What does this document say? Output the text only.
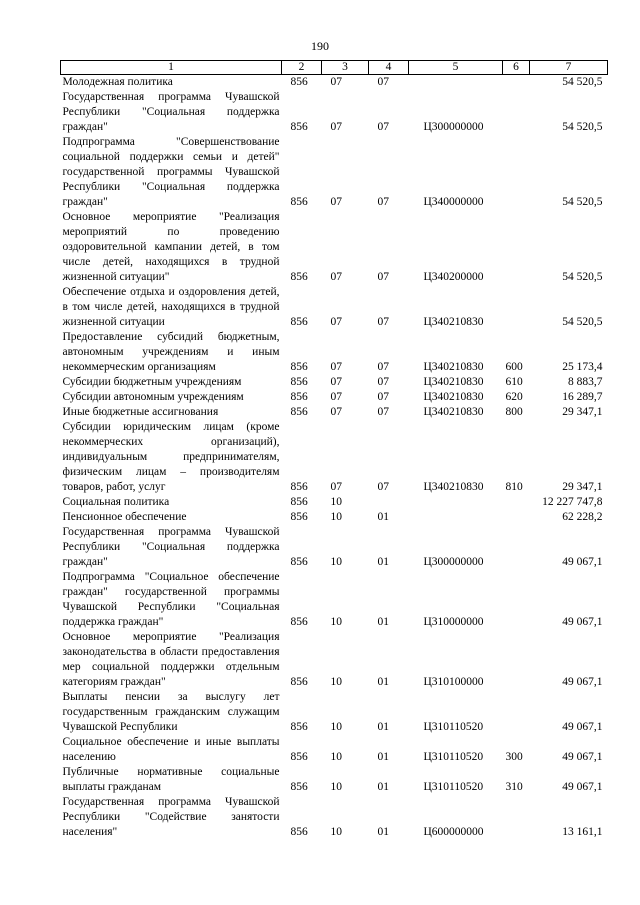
190
1	2	3	4	5	6	7
Молодежная политика	856	07	07			54 520,5
Государственная программа Чувашской Республики "Социальная поддержка граждан"	856	07	07	Ц300000000		54 520,5
Подпрограмма "Совершенствование социальной поддержки семьи и детей" государственной программы Чувашской Республики "Социальная поддержка граждан"	856	07	07	Ц340000000		54 520,5
Основное мероприятие "Реализация мероприятий по проведению оздоровительной кампании детей, в том числе детей, находящихся в трудной жизненной ситуации"	856	07	07	Ц340200000		54 520,5
Обеспечение отдыха и оздоровления детей, в том числе детей, находящихся в трудной жизненной ситуации	856	07	07	Ц340210830		54 520,5
Предоставление субсидий бюджетным, автономным учреждениям и иным некоммерческим организациям	856	07	07	Ц340210830	600	25 173,4
Субсидии бюджетным учреждениям	856	07	07	Ц340210830	610	8 883,7
Субсидии автономным учреждениям	856	07	07	Ц340210830	620	16 289,7
Иные бюджетные ассигнования	856	07	07	Ц340210830	800	29 347,1
Субсидии юридическим лицам (кроме некоммерческих организаций), индивидуальным предпринимателям, физическим лицам – производителям товаров, работ, услуг	856	07	07	Ц340210830	810	29 347,1
Социальная политика	856	10				12 227 747,8
Пенсионное обеспечение	856	10	01			62 228,2
Государственная программа Чувашской Республики "Социальная поддержка граждан"	856	10	01	Ц300000000		49 067,1
Подпрограмма "Социальное обеспечение граждан" государственной программы Чувашской Республики "Социальная поддержка граждан"	856	10	01	Ц310000000		49 067,1
Основное мероприятие "Реализация законодательства в области предоставления мер социальной поддержки отдельным категориям граждан"	856	10	01	Ц310100000		49 067,1
Выплаты пенсии за выслугу лет государственным гражданским служащим Чувашской Республики	856	10	01	Ц310110520		49 067,1
Социальное обеспечение и иные выплаты населению	856	10	01	Ц310110520	300	49 067,1
Публичные нормативные социальные выплаты гражданам	856	10	01	Ц310110520	310	49 067,1
Государственная программа Чувашской Республики "Содействие занятости населения"	856	10	01	Ц600000000		13 161,1
